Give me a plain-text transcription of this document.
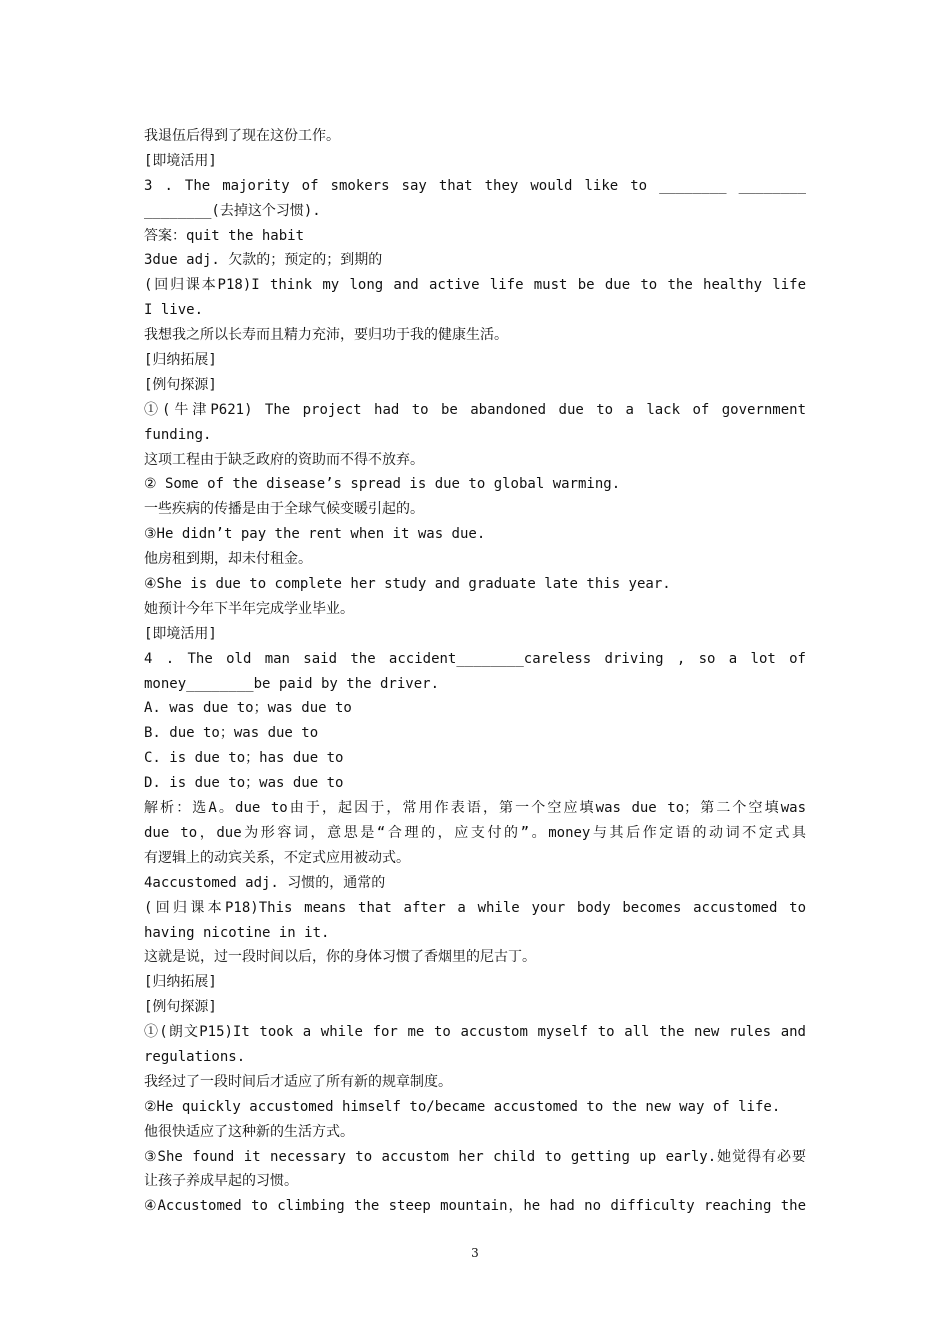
我退伍后得到了现在这份工作。
[即境活用]
3 . The majority of smokers say that they would like to ________ ________
________(去掉这个习惯).
答案：quit the habit
3due adj. 欠款的；预定的；到期的
(回归课本P18)I think my long and active life must be due to the healthy life
I live.
我想我之所以长寿而且精力充沛，要归功于我的健康生活。
[归纳拓展]
[例句探源]
①(牛津P621) The project had to be abandoned due to a lack of government
funding.
这项工程由于缺乏政府的资助而不得不放弃。
② Some of the disease’s spread is due to global warming.
一些疾病的传播是由于全球气候变暖引起的。
③He didn’t pay the rent when it was due.
他房租到期，却未付租金。
④She is due to complete her study and graduate late this year.
她预计今年下半年完成学业毕业。
[即境活用]
4 . The old man said the accident________careless driving , so a lot of
money________be paid by the driver.
A. was due to；was due to
B. due to；was due to
C. is due to；has due to
D. is due to；was due to
解析：选A。due to由于，起因于，常用作表语，第一个空应填was due to；第二个空填was
due to，due为形容词，意思是“合理的，应支付的”。money与其后作定语的动词不定式具
有逻辑上的动宾关系，不定式应用被动式。
4accustomed adj. 习惯的，通常的
(回归课本P18)This means that after a while your body becomes accustomed to
having nicotine in it.
这就是说，过一段时间以后，你的身体习惯了香烟里的尼古丁。
[归纳拓展]
[例句探源]
①(朗文P15)It took a while for me to accustom myself to all the new rules and
regulations.
我经过了一段时间后才适应了所有新的规章制度。
②He quickly accustomed himself to/became accustomed to the new way of life.
他很快适应了这种新的生活方式。
③She found it necessary to accustom her child to getting up early.她觉得有必要
让孩子养成早起的习惯。
④Accustomed to climbing the steep mountain，he had no difficulty reaching the
3
